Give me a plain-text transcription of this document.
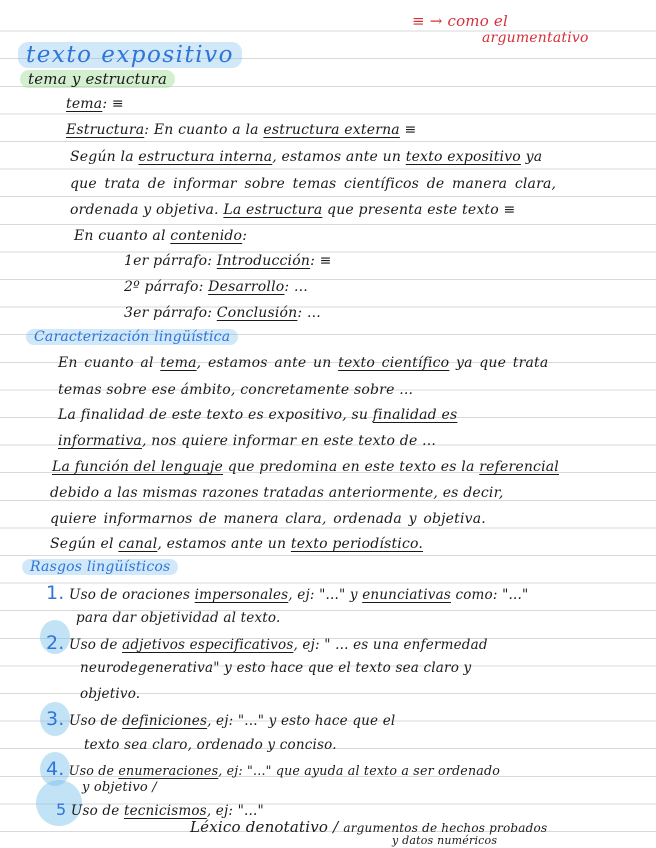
≡ → como el
argumentativo
texto expositivo
tema y estructura
tema: ≡
Estructura: En cuanto a la estructura externa ≡
Según la estructura interna, estamos ante un texto expositivo ya
que trata de informar sobre temas científicos de manera clara,
ordenada y objetiva. La estructura que presenta este texto ≡
En cuanto al contenido:
1er párrafo: Introducción: ≡
2º párrafo: Desarrollo: ...
3er párrafo: Conclusión: ...
Caracterización lingüística
En cuanto al tema, estamos ante un texto científico ya que trata
temas sobre ese ámbito, concretamente sobre ...
La finalidad de este texto es expositivo, su finalidad es
informativa, nos quiere informar en este texto de ...
La función del lenguaje que predomina en este texto es la referencial
debido a las mismas razones tratadas anteriormente, es decir,
quiere informarnos de manera clara, ordenada y objetiva.
Según el canal, estamos ante un texto periodístico.
Rasgos lingüísticos
1. Uso de oraciones impersonales, ej: "..." y enunciativas como: "..."
para dar objetividad al texto.
2. Uso de adjetivos especificativos, ej: " ... es una enfermedad
neurodegenerativa" y esto hace que el texto sea claro y
objetivo.
3. Uso de definiciones, ej: "..." y esto hace que el
texto sea claro, ordenado y conciso.
4. Uso de enumeraciones, ej: "..." que ayuda al texto a ser ordenado
y objetivo /
5 Uso de tecnicismos, ej: "..."
Léxico denotativo / argumentos de hechos probados
y datos numéricos
